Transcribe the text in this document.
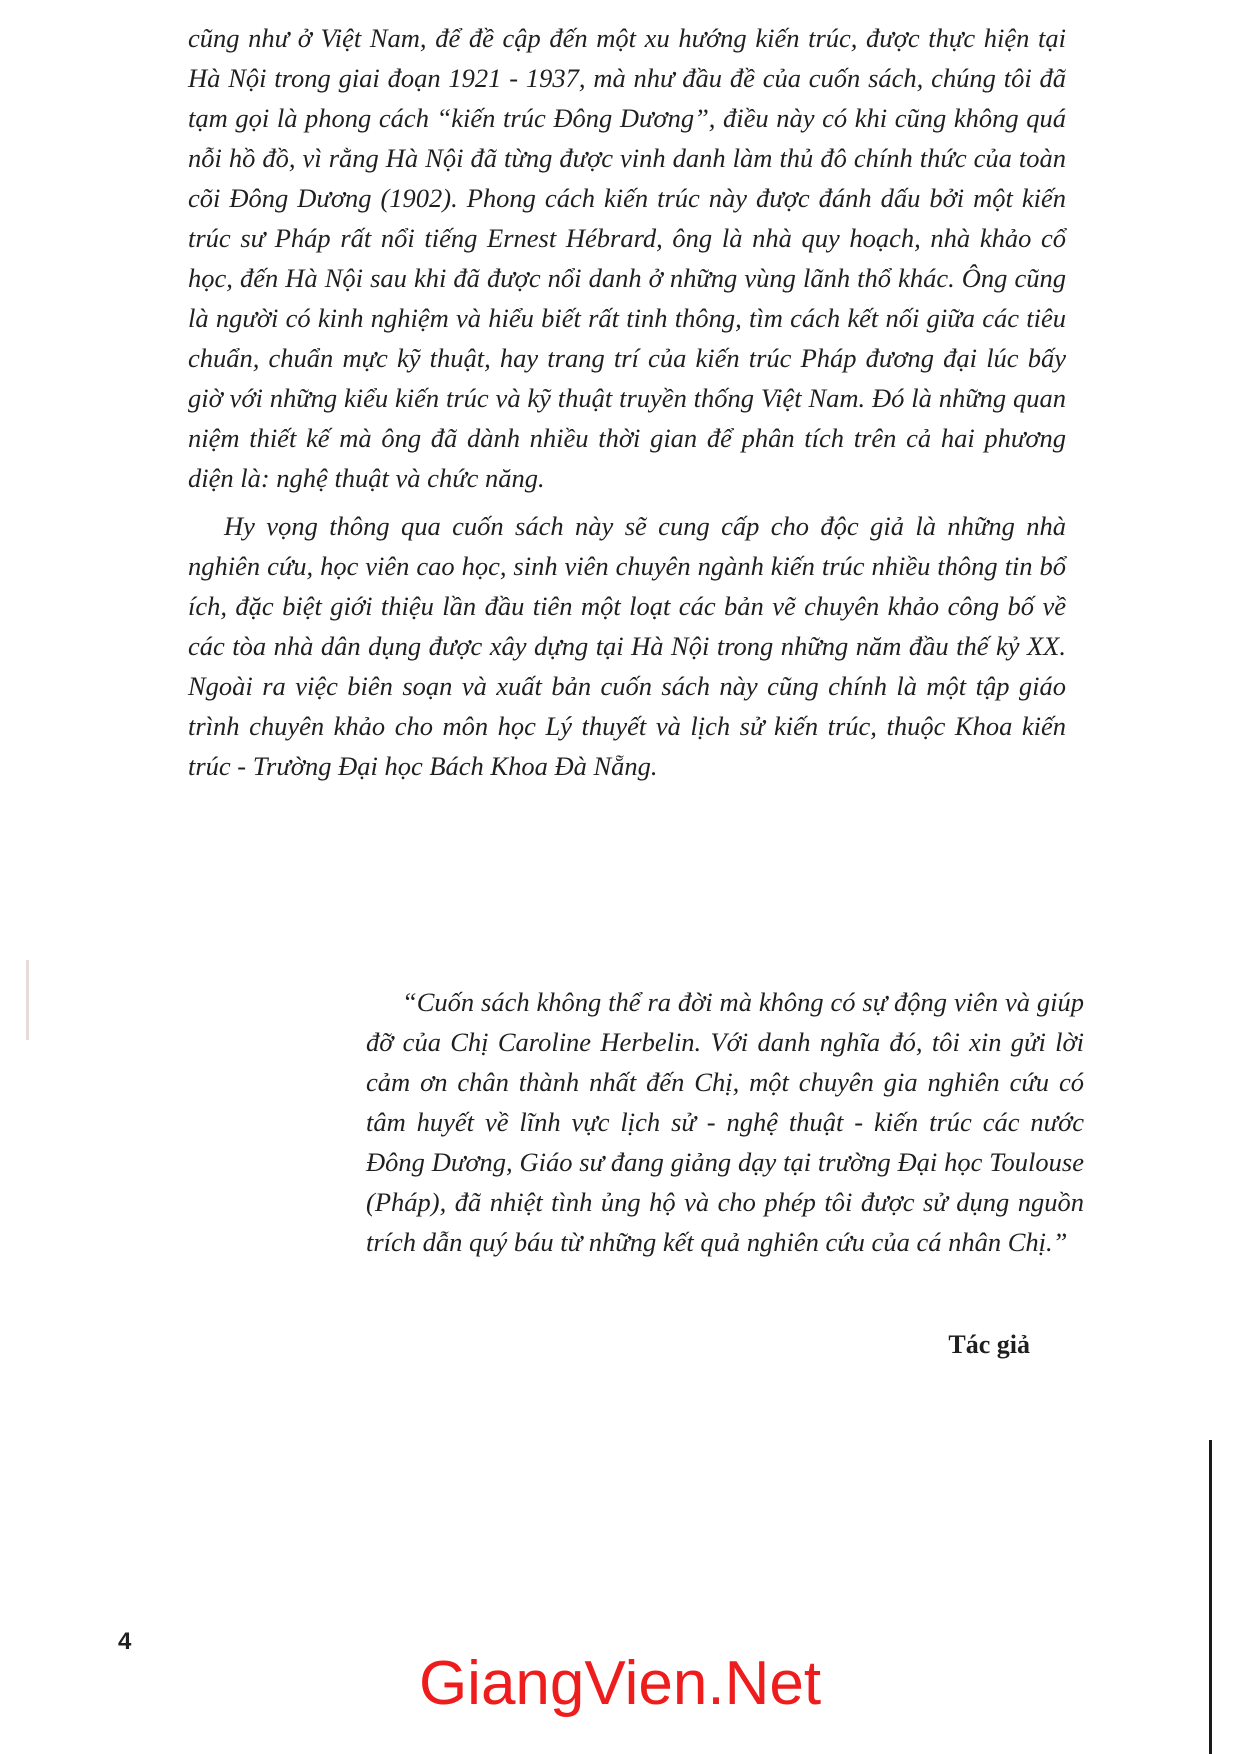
cũng như ở Việt Nam, để đề cập đến một xu hướng kiến trúc, được thực hiện tại Hà Nội trong giai đoạn 1921 - 1937, mà như đầu đề của cuốn sách, chúng tôi đã tạm gọi là phong cách “kiến trúc Đông Dương”, điều này có khi cũng không quá nỗi hồ đồ, vì rằng Hà Nội đã từng được vinh danh làm thủ đô chính thức của toàn cõi Đông Dương (1902). Phong cách kiến trúc này được đánh dấu bởi một kiến trúc sư Pháp rất nổi tiếng Ernest Hébrard, ông là nhà quy hoạch, nhà khảo cổ học, đến Hà Nội sau khi đã được nổi danh ở những vùng lãnh thổ khác. Ông cũng là người có kinh nghiệm và hiểu biết rất tinh thông, tìm cách kết nối giữa các tiêu chuẩn, chuẩn mực kỹ thuật, hay trang trí của kiến trúc Pháp đương đại lúc bấy giờ với những kiểu kiến trúc và kỹ thuật truyền thống Việt Nam. Đó là những quan niệm thiết kế mà ông đã dành nhiều thời gian để phân tích trên cả hai phương diện là: nghệ thuật và chức năng.

Hy vọng thông qua cuốn sách này sẽ cung cấp cho độc giả là những nhà nghiên cứu, học viên cao học, sinh viên chuyên ngành kiến trúc nhiều thông tin bổ ích, đặc biệt giới thiệu lần đầu tiên một loạt các bản vẽ chuyên khảo công bố về các tòa nhà dân dụng được xây dựng tại Hà Nội trong những năm đầu thế kỷ XX. Ngoài ra việc biên soạn và xuất bản cuốn sách này cũng chính là một tập giáo trình chuyên khảo cho môn học Lý thuyết và lịch sử kiến trúc, thuộc Khoa kiến trúc - Trường Đại học Bách Khoa Đà Nẵng.

“Cuốn sách không thể ra đời mà không có sự động viên và giúp đỡ của Chị Caroline Herbelin. Với danh nghĩa đó, tôi xin gửi lời cảm ơn chân thành nhất đến Chị, một chuyên gia nghiên cứu có tâm huyết về lĩnh vực lịch sử - nghệ thuật - kiến trúc các nước Đông Dương, Giáo sư đang giảng dạy tại trường Đại học Toulouse (Pháp), đã nhiệt tình ủng hộ và cho phép tôi được sử dụng nguồn trích dẫn quý báu từ những kết quả nghiên cứu của cá nhân Chị.”

Tác giả

4

GiangVien.Net
